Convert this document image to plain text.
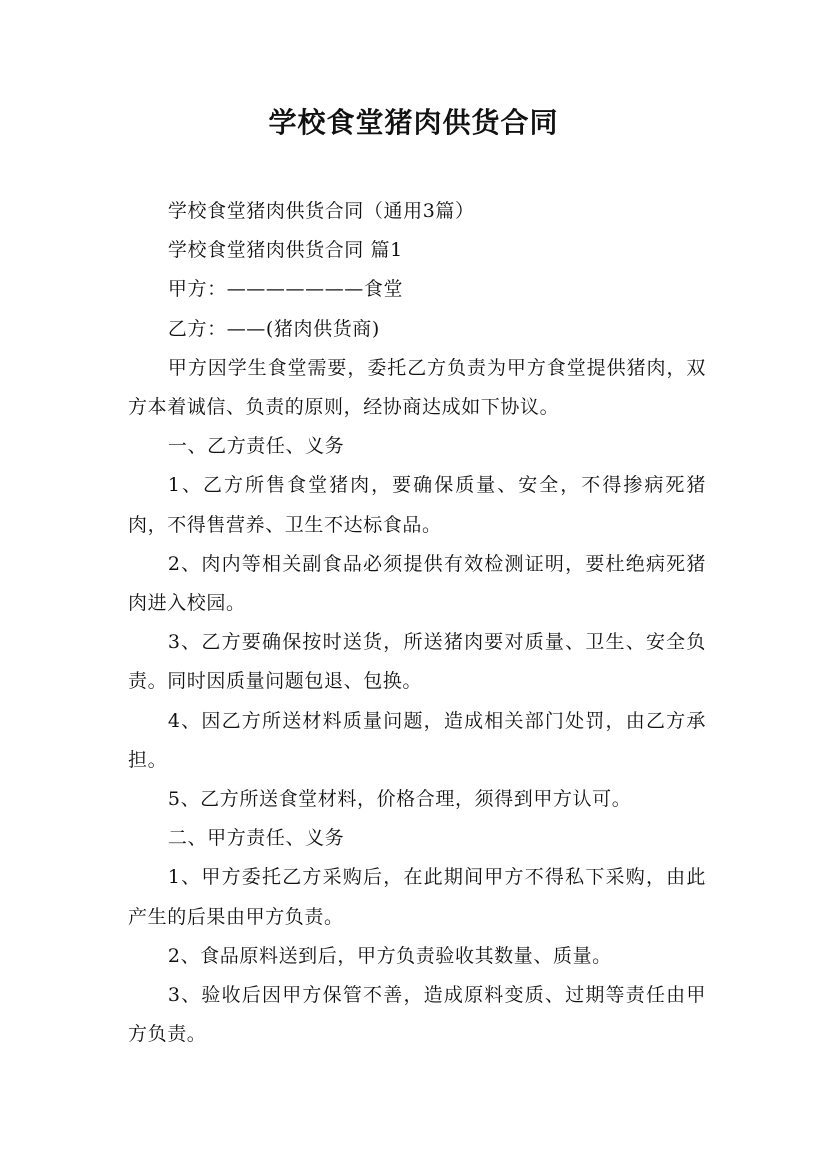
学校食堂猪肉供货合同

学校食堂猪肉供货合同（通用3篇）

学校食堂猪肉供货合同 篇1

甲方：———————食堂

乙方：——(猪肉供货商)

甲方因学生食堂需要，委托乙方负责为甲方食堂提供猪肉，双方本着诚信、负责的原则，经协商达成如下协议。

一、乙方责任、义务

1、乙方所售食堂猪肉，要确保质量、安全，不得掺病死猪肉，不得售营养、卫生不达标食品。

2、肉内等相关副食品必须提供有效检测证明，要杜绝病死猪肉进入校园。

3、乙方要确保按时送货，所送猪肉要对质量、卫生、安全负责。同时因质量问题包退、包换。

4、因乙方所送材料质量问题，造成相关部门处罚，由乙方承担。

5、乙方所送食堂材料，价格合理，须得到甲方认可。

二、甲方责任、义务

1、甲方委托乙方采购后，在此期间甲方不得私下采购，由此产生的后果由甲方负责。

2、食品原料送到后，甲方负责验收其数量、质量。

3、验收后因甲方保管不善，造成原料变质、过期等责任由甲方负责。
